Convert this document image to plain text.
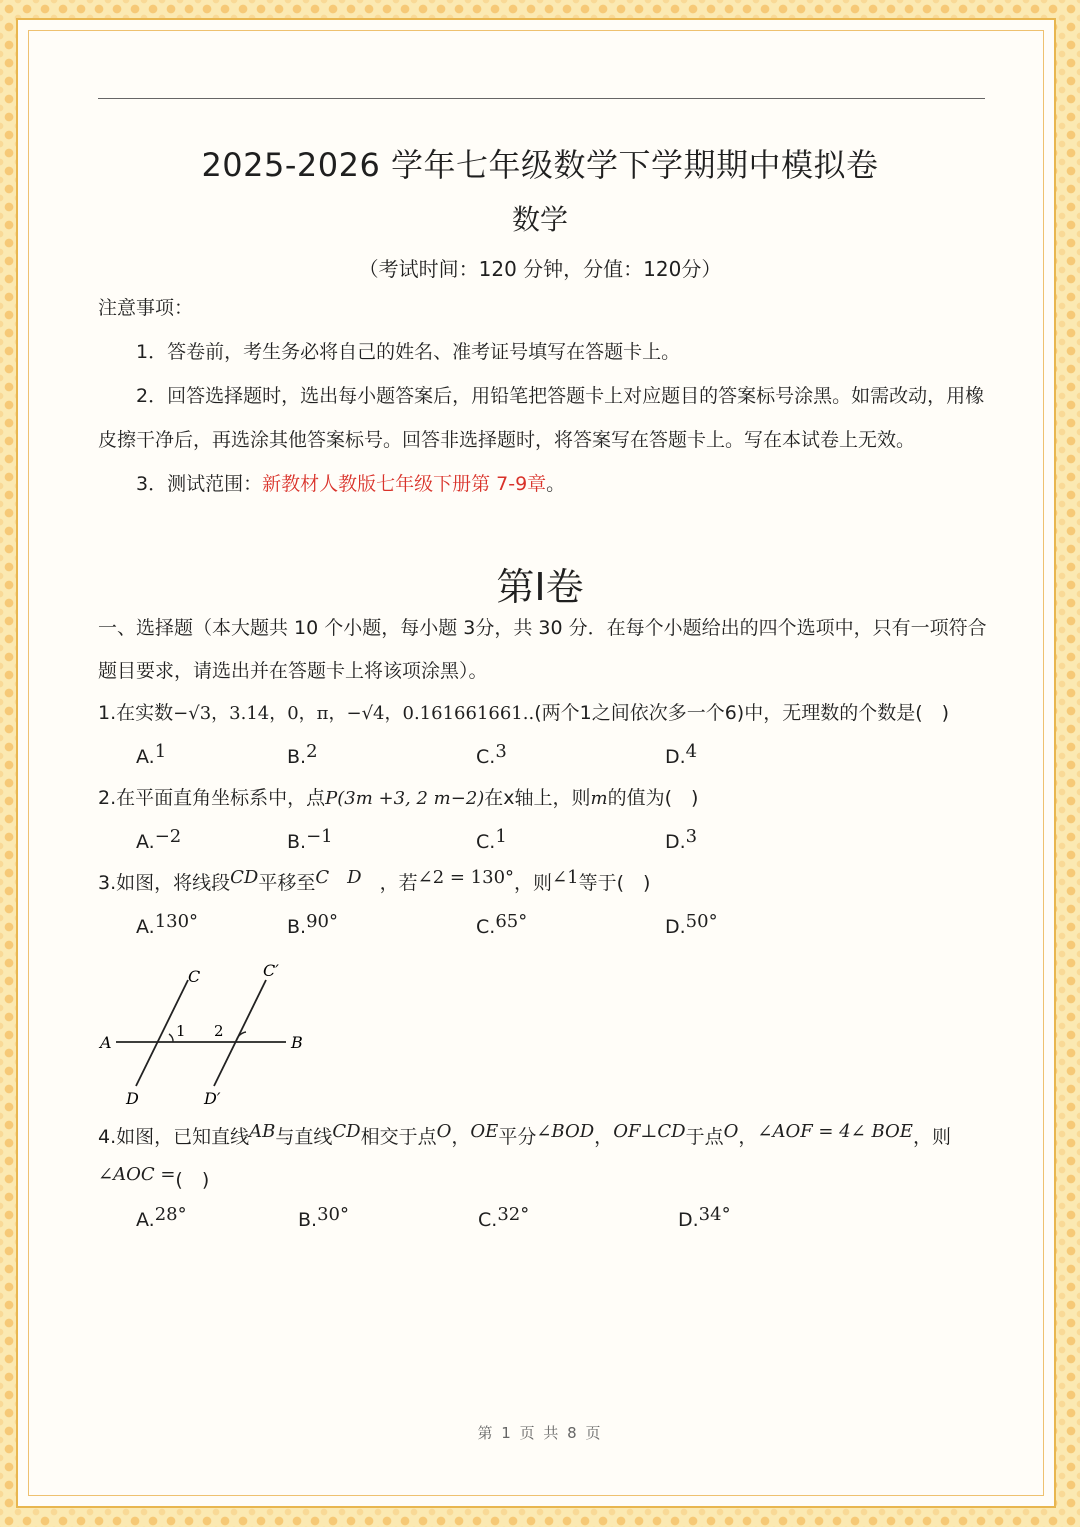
2025-2026 学年七年级数学下学期期中模拟卷
数学
（考试时间：120 分钟，分值：120分）
注意事项：
1．答卷前，考生务必将自己的姓名、准考证号填写在答题卡上。
2．回答选择题时，选出每小题答案后，用铅笔把答题卡上对应题目的答案标号涂黑。如需改动，用橡
皮擦干净后，再选涂其他答案标号。回答非选择题时，将答案写在答题卡上。写在本试卷上无效。
3．测试范围：新教材人教版七年级下册第 7-9章。
第Ⅰ卷
一、选择题（本大题共 10 个小题，每小题 3分，共 30 分．在每个小题给出的四个选项中，只有一项符合
题目要求，请选出并在答题卡上将该项涂黑）。
1.在实数−√3，3.14，0，π，−√4，0.161661661..(两个1之间依次多一个6)中，无理数的个数是(　)
A.1	B.2	C.3	D.4
2.在平面直角坐标系中，点P(3m +3, 2 m−2)在x轴上，则m的值为(　)
A.−2	B.−1	C.1	D.3
3.如图，将线段CD平移至C　D ，若∠2 = 130°，则∠1等于(　)
A.130°	B.90°	C.65°	D.50°
C	C′
A	B
D	D′
1 2
4.如图，已知直线AB与直线CD相交于点O，OE平分∠BOD，OF⊥CD于点O，∠AOF = 4∠ BOE，则
∠AOC =(　)
A.28°	B.30°	C.32°	D.34°
第 1 页 共 8 页
